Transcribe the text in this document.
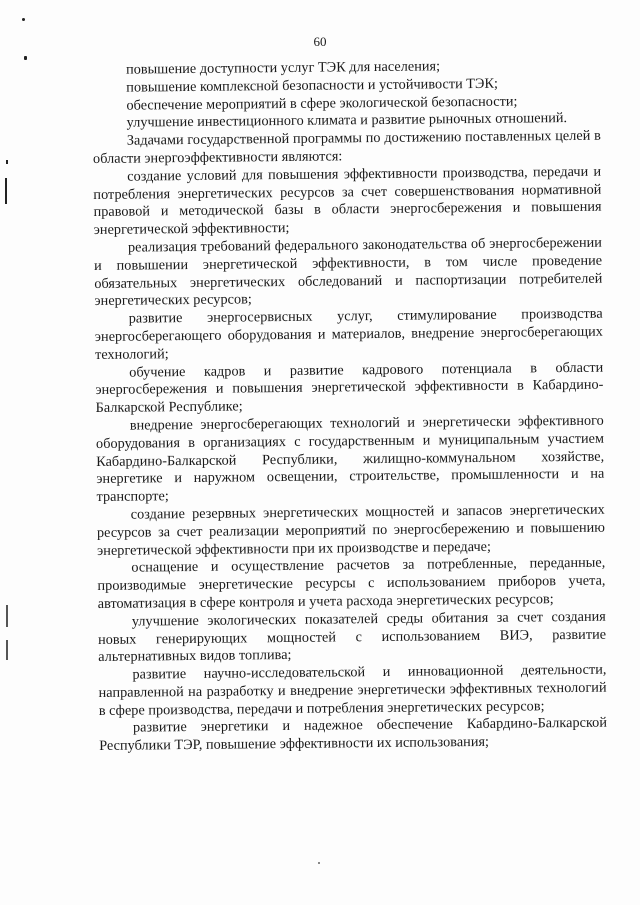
60

повышение доступности услуг ТЭК для населения;

повышение комплексной безопасности и устойчивости ТЭК;

обеспечение мероприятий в сфере экологической безопасности;

улучшение инвестиционного климата и развитие рыночных отношений.

Задачами государственной программы по достижению поставленных целей в области энергоэффективности являются:

создание условий для повышения эффективности производства, передачи и потребления энергетических ресурсов за счет совершенствования нормативной правовой и методической базы в области энергосбережения и повышения энергетической эффективности;

реализация требований федерального законодательства об энергосбережении и повышении энергетической эффективности, в том числе проведение обязательных энергетических обследований и паспортизации потребителей энергетических ресурсов;

развитие энергосервисных услуг, стимулирование производства энергосберегающего оборудования и материалов, внедрение энергосберегающих технологий;

обучение кадров и развитие кадрового потенциала в области энергосбережения и повышения энергетической эффективности в Кабардино-Балкарской Республике;

внедрение энергосберегающих технологий и энергетически эффективного оборудования в организациях с государственным и муниципальным участием Кабардино-Балкарской Республики, жилищно-коммунальном хозяйстве, энергетике и наружном освещении, строительстве, промышленности и на транспорте;

создание резервных энергетических мощностей и запасов энергетических ресурсов за счет реализации мероприятий по энергосбережению и повышению энергетической эффективности при их производстве и передаче;

оснащение и осуществление расчетов за потребленные, переданные, производимые энергетические ресурсы с использованием приборов учета, автоматизация в сфере контроля и учета расхода энергетических ресурсов;

улучшение экологических показателей среды обитания за счет создания новых генерирующих мощностей с использованием ВИЭ, развитие альтернативных видов топлива;

развитие научно-исследовательской и инновационной деятельности, направленной на разработку и внедрение энергетически эффективных технологий в сфере производства, передачи и потребления энергетических ресурсов;

развитие энергетики и надежное обеспечение Кабардино-Балкарской Республики ТЭР, повышение эффективности их использования;
